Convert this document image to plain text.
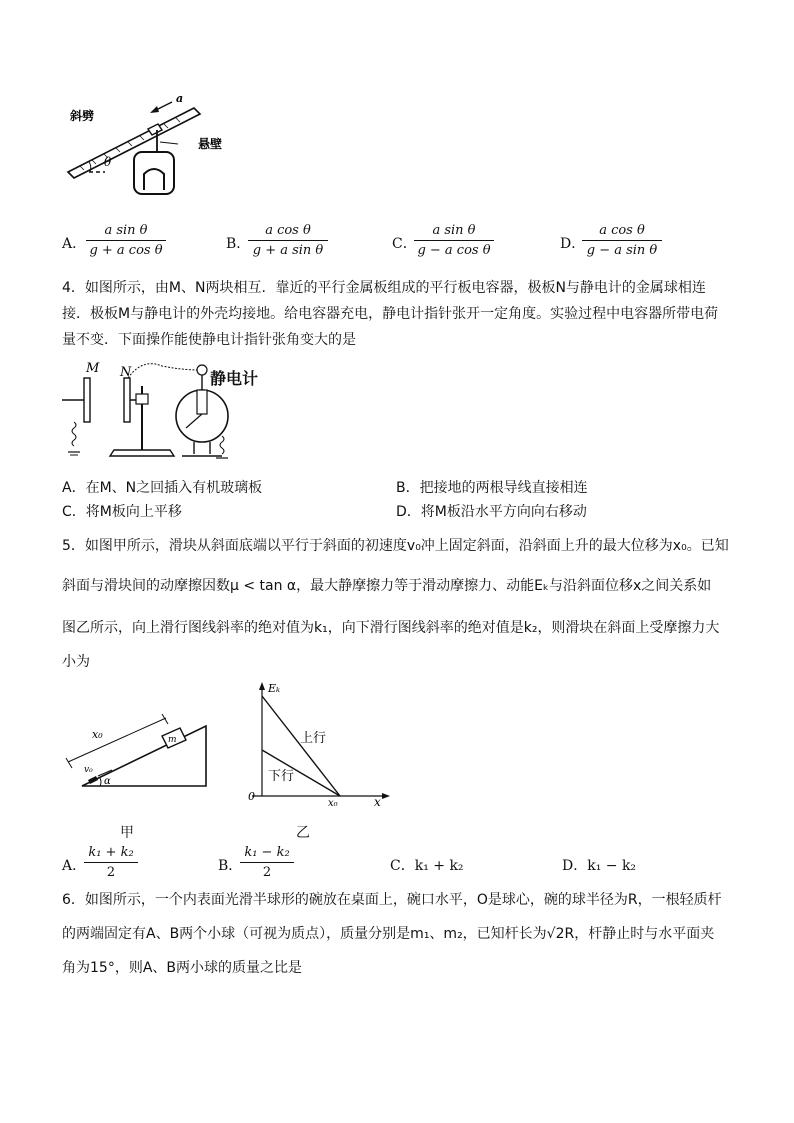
θ
a
斜劈
悬壁
A．
a sin θ
g + a cos θ	B．
a cos θ
g + a sin θ	C．
a sin θ
g − a cos θ	D．
a cos θ
g − a sin θ
4．如图所示，由M、N两块相互．靠近的平行金属板组成的平行板电容器，极板N与静电计的金属球相连
接．极板M与静电计的外壳均接地。给电容器充电，静电计指针张开一定角度。实验过程中电容器所带电荷
量不变．下面操作能使静电计指针张角变大的是
M N	静电计
A．在M、N之回插入有机玻璃板	B．把接地的两根导线直接相连
C．将M板向上平移	D．将M板沿水平方向向右移动
5．如图甲所示，滑块从斜面底端以平行于斜面的初速度v₀冲上固定斜面，沿斜面上升的最大位移为x₀。已知
斜面与滑块间的动摩擦因数μ < tan α，最大静摩擦力等于滑动摩擦力、动能Eₖ与沿斜面位移x之间关系如
图乙所示，向上滑行图线斜率的绝对值为k₁，向下滑行图线斜率的绝对值是k₂，则滑块在斜面上受摩擦力大
小为
x₀	m
v₀
α
甲
Eₖ
上行
下行
0
x₀	x
乙
A．
k₁ + k₂
2	B．
k₁ − k₂
2	C．k₁ + k₂	D．k₁ − k₂
6．如图所示，一个内表面光滑半球形的碗放在桌面上，碗口水平，O是球心，碗的球半径为R，一根轻质杆
的两端固定有A、B两个小球（可视为质点），质量分别是m₁、m₂，已知杆长为√2R，杆静止时与水平面夹
角为15°，则A、B两小球的质量之比是
